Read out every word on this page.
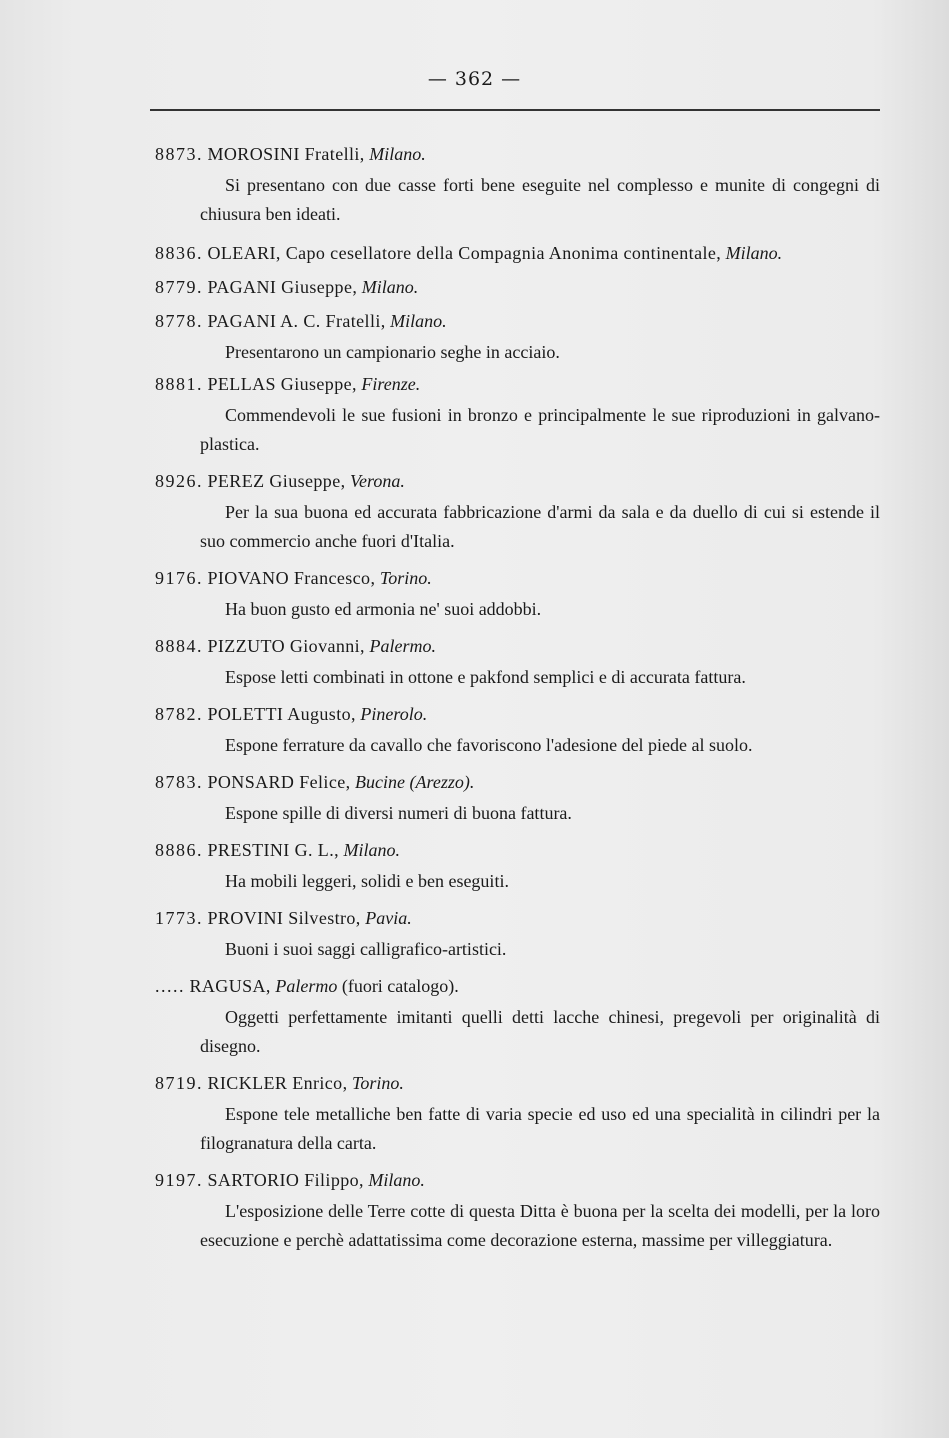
— 362 —
8873. MOROSINI Fratelli, Milano.

Si presentano con due casse forti bene eseguite nel complesso e munite di congegni di chiusura ben ideati.

8836. OLEARI, Capo cesellatore della Compagnia Anonima continentale, Milano.
8779. PAGANI Giuseppe, Milano.
8778. PAGANI A. C. Fratelli, Milano.

Presentarono un campionario seghe in acciaio.

8881. PELLAS Giuseppe, Firenze.

Commendevoli le sue fusioni in bronzo e principalmente le sue riproduzioni in galvano-plastica.

8926. PEREZ Giuseppe, Verona.

Per la sua buona ed accurata fabbricazione d'armi da sala e da duello di cui si estende il suo commercio anche fuori d'Italia.

9176. PIOVANO Francesco, Torino.

Ha buon gusto ed armonia ne' suoi addobbi.

8884. PIZZUTO Giovanni, Palermo.

Espose letti combinati in ottone e pakfond semplici e di accurata fattura.

8782. POLETTI Augusto, Pinerolo.

Espone ferrature da cavallo che favoriscono l'adesione del piede al suolo.

8783. PONSARD Felice, Bucine (Arezzo).

Espone spille di diversi numeri di buona fattura.

8886. PRESTINI G. L., Milano.

Ha mobili leggeri, solidi e ben eseguiti.

1773. PROVINI Silvestro, Pavia.

Buoni i suoi saggi calligrafico-artistici.

..... RAGUSA, Palermo (fuori catalogo).

Oggetti perfettamente imitanti quelli detti lacche chinesi, pregevoli per originalità di disegno.

8719. RICKLER Enrico, Torino.

Espone tele metalliche ben fatte di varia specie ed uso ed una specialità in cilindri per la filogranatura della carta.

9197. SARTORIO Filippo, Milano.

L'esposizione delle Terre cotte di questa Ditta è buona per la scelta dei modelli, per la loro esecuzione e perchè adattatissima come decorazione esterna, massime per villeggiatura.
